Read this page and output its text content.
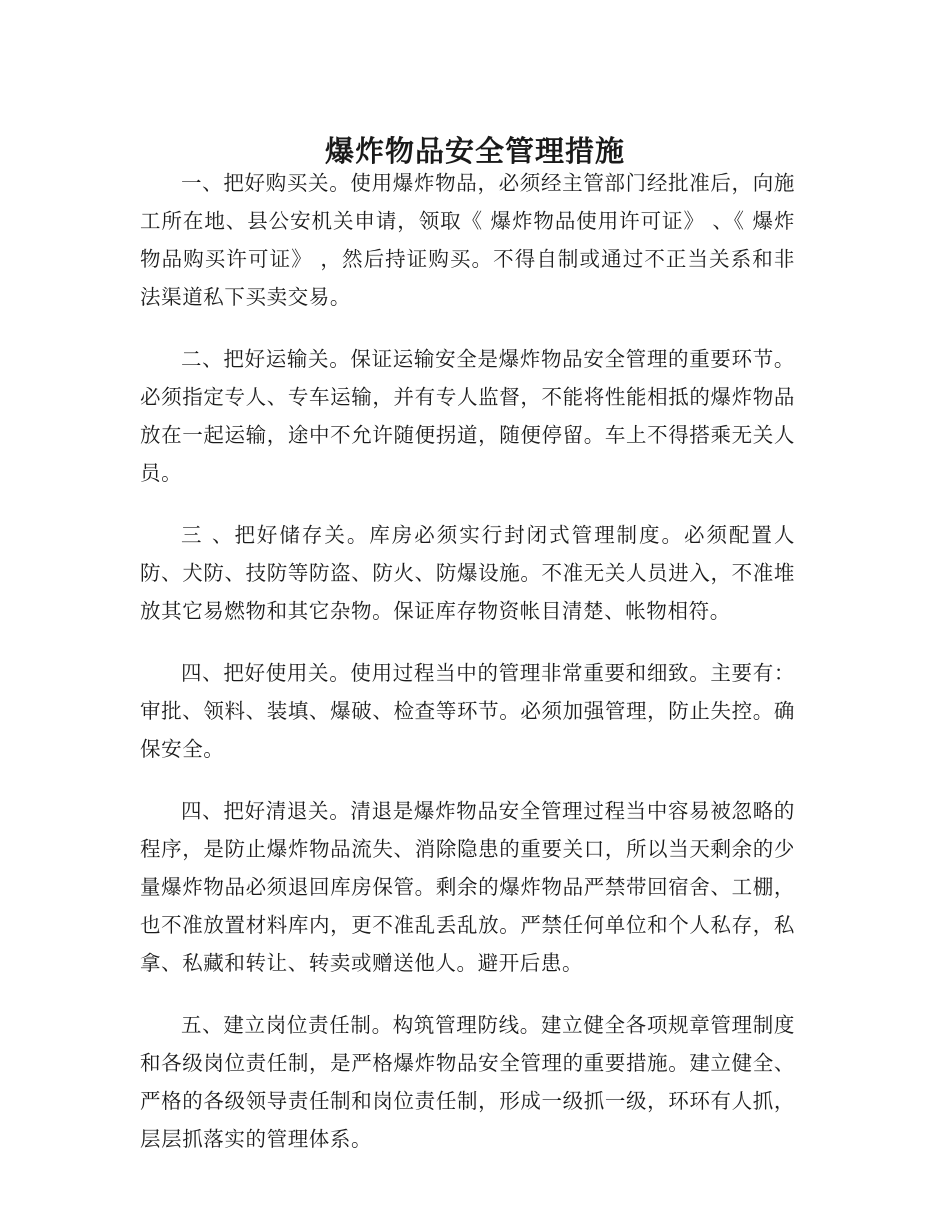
爆炸物品安全管理措施

一、把好购买关。使用爆炸物品，必须经主管部门经批准后，向施工所在地、县公安机关申请，领取《 爆炸物品使用许可证》 、《 爆炸物品购买许可证》 ，然后持证购买。不得自制或通过不正当关系和非法渠道私下买卖交易。

二、把好运输关。保证运输安全是爆炸物品安全管理的重要环节。必须指定专人、专车运输，并有专人监督，不能将性能相抵的爆炸物品放在一起运输，途中不允许随便拐道，随便停留。车上不得搭乘无关人员。

三 、把好储存关。库房必须实行封闭式管理制度。必须配置人防、犬防、技防等防盗、防火、防爆设施。不准无关人员进入，不准堆放其它易燃物和其它杂物。保证库存物资帐目清楚、帐物相符。

四、把好使用关。使用过程当中的管理非常重要和细致。主要有：审批、领料、装填、爆破、检查等环节。必须加强管理，防止失控。确保安全。

四、把好清退关。清退是爆炸物品安全管理过程当中容易被忽略的程序，是防止爆炸物品流失、消除隐患的重要关口，所以当天剩余的少量爆炸物品必须退回库房保管。剩余的爆炸物品严禁带回宿舍、工棚，也不准放置材料库内，更不准乱丢乱放。严禁任何单位和个人私存，私拿、私藏和转让、转卖或赠送他人。避开后患。

五、建立岗位责任制。构筑管理防线。建立健全各项规章管理制度和各级岗位责任制，是严格爆炸物品安全管理的重要措施。建立健全、严格的各级领导责任制和岗位责任制，形成一级抓一级，环环有人抓，层层抓落实的管理体系。
